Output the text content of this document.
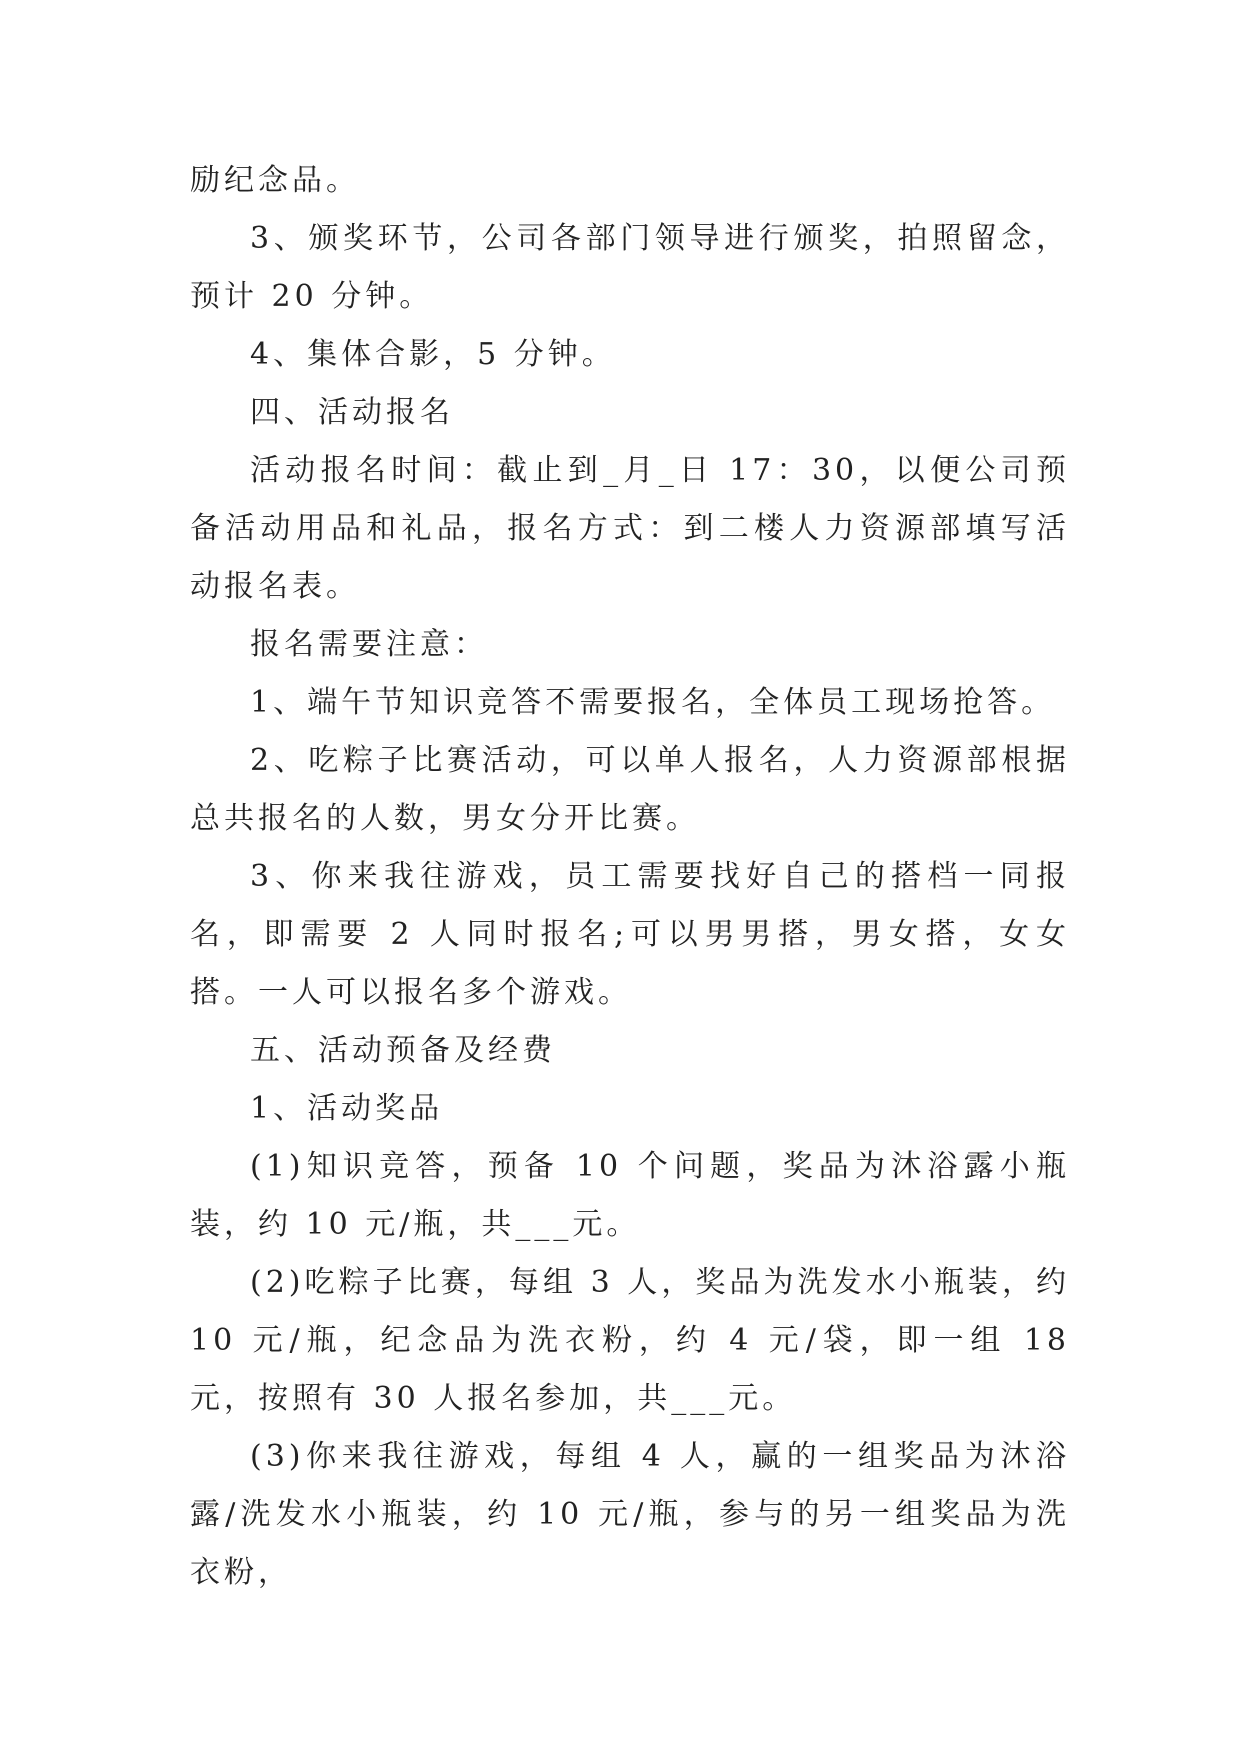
励纪念品。

3、颁奖环节，公司各部门领导进行颁奖，拍照留念，预计 20 分钟。

4、集体合影，5 分钟。

四、活动报名

活动报名时间：截止到_月_日 17：30，以便公司预备活动用品和礼品，报名方式：到二楼人力资源部填写活动报名表。

报名需要注意：

1、端午节知识竞答不需要报名，全体员工现场抢答。

2、吃粽子比赛活动，可以单人报名，人力资源部根据总共报名的人数，男女分开比赛。

3、你来我往游戏，员工需要找好自己的搭档一同报名，即需要 2 人同时报名;可以男男搭，男女搭，女女搭。一人可以报名多个游戏。

五、活动预备及经费

1、活动奖品

(1)知识竞答，预备 10 个问题，奖品为沐浴露小瓶装，约 10 元/瓶，共___元。

(2)吃粽子比赛，每组 3 人，奖品为洗发水小瓶装，约 10 元/瓶，纪念品为洗衣粉，约 4 元/袋，即一组 18 元，按照有 30 人报名参加，共___元。

(3)你来我往游戏，每组 4 人，赢的一组奖品为沐浴露/洗发水小瓶装，约 10 元/瓶，参与的另一组奖品为洗衣粉，
